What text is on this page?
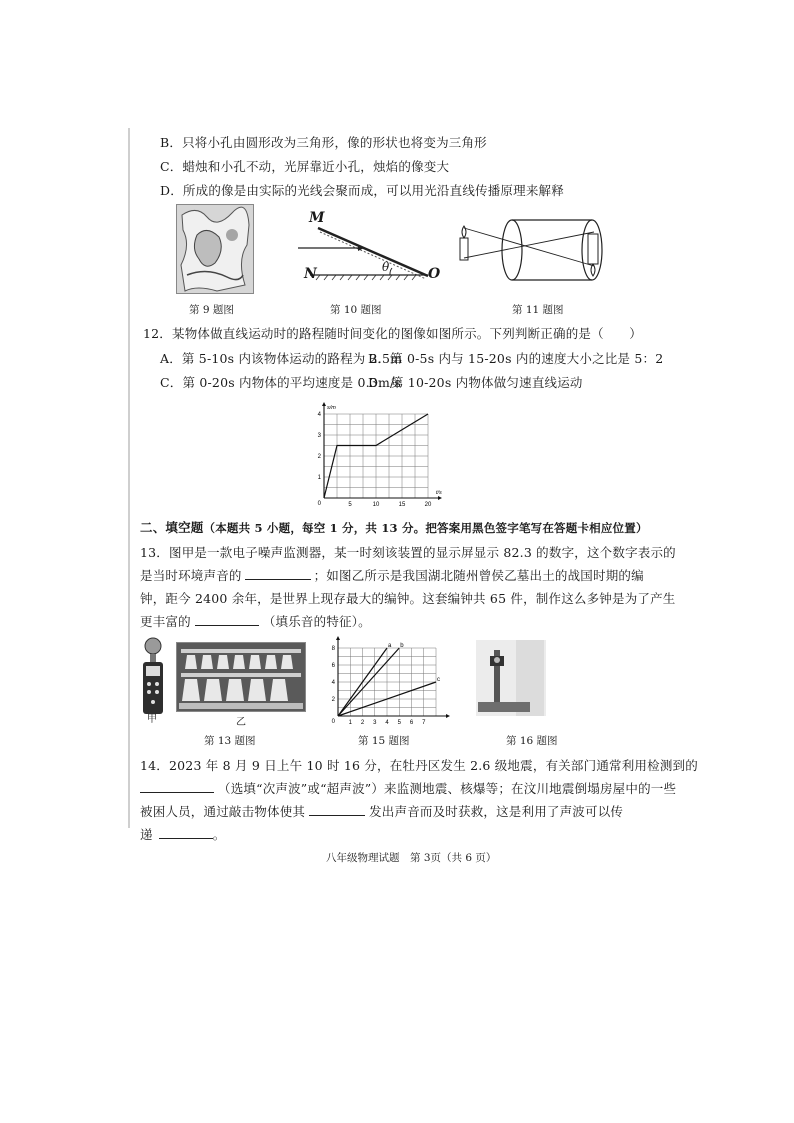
B．只将小孔由圆形改为三角形，像的形状也将变为三角形
C．蜡烛和小孔不动，光屏靠近小孔，烛焰的像变大
D．所成的像是由实际的光线会聚而成，可以用光沿直线传播原理来解释
第 9 题图
M
N	O
θ
第 10 题图	第 11 题图
12．某物体做直线运动时的路程随时间变化的图像如图所示。下列判断正确的是（　　）
A．第 5-10s 内该物体运动的路程为 2.5m
B．第 0-5s 内与 15-20s 内的速度大小之比是 5：2
C．第 0-20s 内物体的平均速度是 0.3m/s
D．第 10-20s 内物体做匀速直线运动
5	10	15	20
1
2
3
4
0
t/s
s/m
二、填空题（本题共 5 小题，每空 1 分，共 13 分。把答案用黑色签字笔写在答题卡相应位置）
13．图甲是一款电子噪声监测器，某一时刻该装置的显示屏显示 82.3 的数字，这个数字表示的
是当时环境声音的	；如图乙所示是我国湖北随州曾侯乙墓出土的战国时期的编
钟，距今 2400 余年，是世界上现存最大的编钟。这套编钟共 65 件，制作这么多钟是为了产生
更丰富的	（填乐音的特征）。
甲	乙
第 13 题图
1 2 3 4 5 6 7
2
4
6
8
0
a b
c
第 15 题图	第 16 题图
14．2023 年 8 月 9 日上午 10 时 16 分，在牡丹区发生 2.6 级地震，有关部门通常利用检测到的
（选填“次声波”或“超声波”）来监测地震、核爆等；在汶川地震倒塌房屋中的一些
被困人员，通过敲击物体使其	发出声音而及时获救，这是利用了声波可以传
递	。
八年级物理试题　第 3页（共 6 页）
